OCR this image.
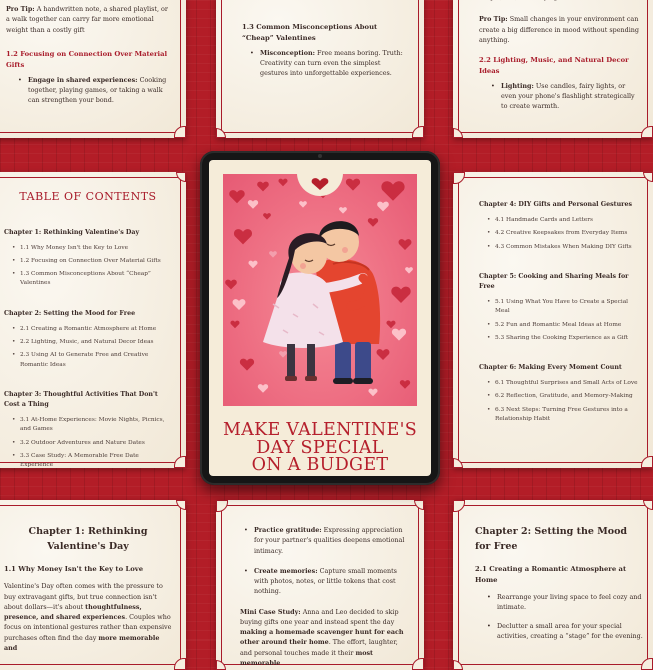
Pro Tip: A handwritten note, a shared playlist, or a walk together can carry far more emotional weight than a costly gift

1.2 Focusing on Connection Over Material Gifts

• Engage in shared experiences: Cooking together, playing games, or taking a walk can strengthen your bond.

1.3 Common Misconceptions About “Cheap” Valentines

• Misconception: Free means boring. Truth: Creativity can turn even the simplest gestures into unforgettable experiences.

Pro Tip: Small changes in your environment can create a big difference in mood without spending anything.

2.2 Lighting, Music, and Natural Decor Ideas

• Lighting: Use candles, fairy lights, or even your phone's flashlight strategically to create warmth.

TABLE OF CONTENTS

Chapter 1: Rethinking Valentine's Day

• 1.1 Why Money Isn't the Key to Love

• 1.2 Focusing on Connection Over Material Gifts

• 1.3 Common Misconceptions About “Cheap” Valentines

Chapter 2: Setting the Mood for Free

• 2.1 Creating a Romantic Atmosphere at Home

• 2.2 Lighting, Music, and Natural Decor Ideas

• 2.3 Using AI to Generate Free and Creative Romantic Ideas

Chapter 3: Thoughtful Activities That Don't Cost a Thing

• 3.1 At-Home Experiences: Movie Nights, Picnics, and Games

• 3.2 Outdoor Adventures and Nature Dates

• 3.3 Case Study: A Memorable Free Date Experience

Chapter 4: DIY Gifts and Personal Gestures

• 4.1 Handmade Cards and Letters

• 4.2 Creative Keepsakes from Everyday Items

• 4.3 Common Mistakes When Making DIY Gifts

Chapter 5: Cooking and Sharing Meals for Free

• 5.1 Using What You Have to Create a Special Meal

• 5.2 Fun and Romantic Meal Ideas at Home

• 5.3 Sharing the Cooking Experience as a Gift

Chapter 6: Making Every Moment Count

• 6.1 Thoughtful Surprises and Small Acts of Love

• 6.2 Reflection, Gratitude, and Memory-Making

• 6.3 Next Steps: Turning Free Gestures into a Relationship Habit

Chapter 1: Rethinking Valentine's Day

1.1 Why Money Isn't the Key to Love

Valentine's Day often comes with the pressure to buy extravagant gifts, but true connection isn't about dollars—it's about thoughtfulness, presence, and shared experiences. Couples who focus on intentional gestures rather than expensive purchases often find the day more memorable and

• Practice gratitude: Expressing appreciation for your partner's qualities deepens emotional intimacy.

• Create memories: Capture small moments with photos, notes, or little tokens that cost nothing.

Mini Case Study: Anna and Leo decided to skip buying gifts one year and instead spent the day making a homemade scavenger hunt for each other around their home. The effort, laughter, and personal touches made it their most memorable

Chapter 2: Setting the Mood for Free

2.1 Creating a Romantic Atmosphere at Home

• Rearrange your living space to feel cozy and intimate.

• Declutter a small area for your special activities, creating a “stage” for the evening.

MAKE VALENTINE'S
DAY SPECIAL
ON A BUDGET
